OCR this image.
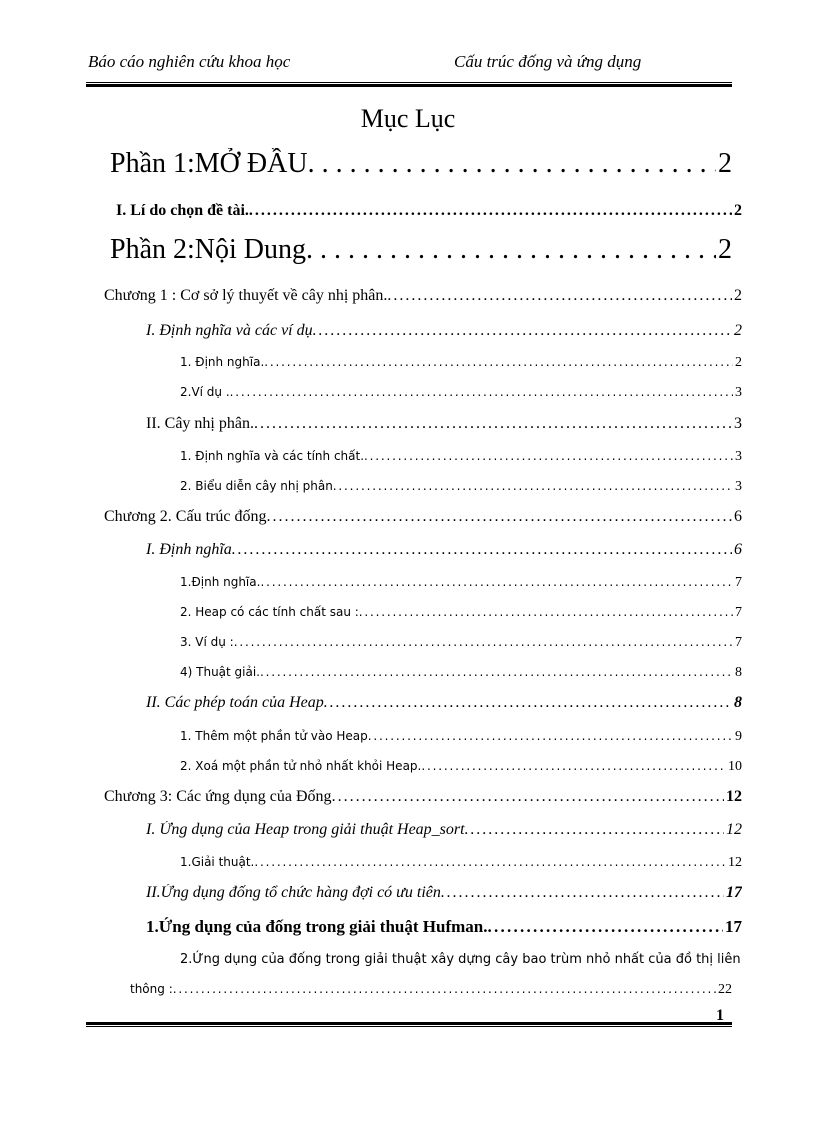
Báo cáo nghiên cứu khoa học	Cấu trúc đống và ứng dụng
Mục Lục
Phần 1:MỞ ĐẦU . . .	2
I. Lí do chọn đề tài. . . .	2
Phần 2:Nội Dung . . .	2
Chương 1 : Cơ sở lý thuyết về cây nhị phân. . . .	2
I. Định nghĩa và các ví dụ . . .	2
1. Định nghĩa. . . .	2
2.Ví dụ . . . .	3
II. Cây nhị phân. . . .	3
1. Định nghĩa và các tính chất. . . .	3
2. Biểu diễn cây nhị phân . . .	3
Chương 2. Cấu trúc đống . . .	6
I. Định nghĩa . . .	6
1.Định nghĩa. . . .	7
2. Heap có các tính chất sau : . . .	7
3. Ví dụ : . . .	7
4) Thuật giải. . . .	8
II. Các phép toán của Heap . . .	8
1. Thêm một phần tử vào Heap . . .	9
2. Xoá một phần tử nhỏ nhất khỏi Heap. . . .	10
Chương 3: Các ứng dụng của Đống . . .	12
I. Ứng dụng của Heap trong giải thuật Heap_sort . . .	12
1.Giải thuật. . . .	12
II.Ứng dụng đống tổ chức hàng đợi có ưu tiên . . .	17
1.Ứng dụng của đống trong giải thuật Hufman. . . .	17
2.Ứng dụng của đống trong giải thuật xây dựng cây bao trùm nhỏ nhất của đồ thị liên
thông : . . .	22
1
